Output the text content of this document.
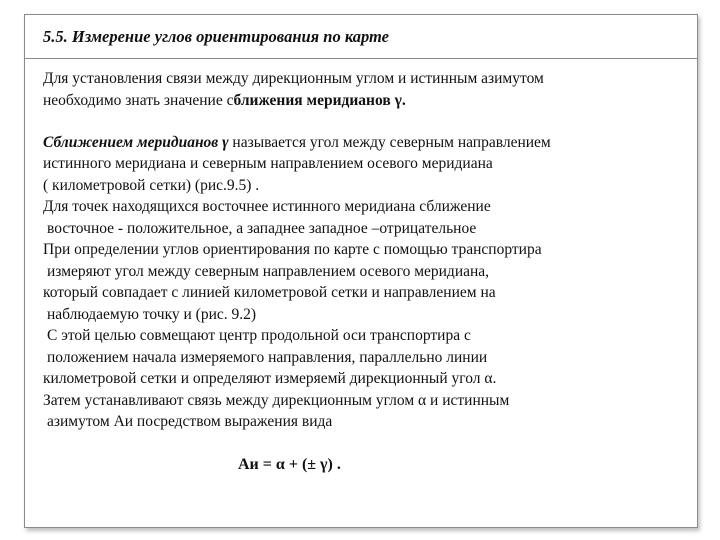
5.5. Измерение углов ориентирования по карте
Для установления связи между дирекционным углом и истинным азимутом
необходимо знать значение сближения меридианов γ.
Сближением меридианов γ называется угол между северным направлением
истинного меридиана и северным направлением осевого меридиана
( километровой сетки) (рис.9.5) .
Для точек находящихся восточнее истинного меридиана сближение
восточное - положительное, а западнее западное –отрицательное
При определении углов ориентирования по карте с помощью транспортира
измеряют угол между северным направлением осевого меридиана,
который совпадает с линией километровой сетки и направлением на
наблюдаемую точку и (рис. 9.2)
С этой целью совмещают центр продольной оси транспортира с
положением начала измеряемого направления, параллельно линии
километровой сетки и определяют измеряемй дирекционный угол α.
Затем устанавливают связь между дирекционным углом α и истинным
азимутом Аи посредством выражения вида
Аи = α + (± γ) .
